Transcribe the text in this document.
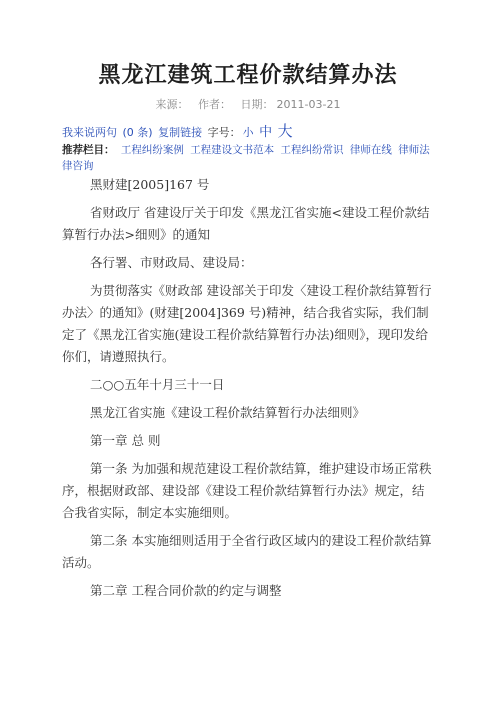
黑龙江建筑工程价款结算办法
来源： 作者： 日期： 2011-03-21
我来说两句 (0 条) 复制链接 字号： 小 中 大
推荐栏目： 工程纠纷案例 工程建设文书范本 工程纠纷常识 律师在线 律师法律咨询

黑财建[2005]167 号

省财政厅 省建设厅关于印发《黑龙江省实施<建设工程价款结算暂行办法>细则》的通知

各行署、市财政局、建设局：

为贯彻落实《财政部 建设部关于印发〈建设工程价款结算暂行办法〉的通知》(财建[2004]369 号)精神，结合我省实际，我们制定了《黑龙江省实施(建设工程价款结算暂行办法)细则》，现印发给你们，请遵照执行。

二○○五年十月三十一日

黑龙江省实施《建设工程价款结算暂行办法细则》

第一章 总 则

第一条 为加强和规范建设工程价款结算，维护建设市场正常秩序，根据财政部、建设部《建设工程价款结算暂行办法》规定，结合我省实际，制定本实施细则。

第二条 本实施细则适用于全省行政区域内的建设工程价款结算活动。

第二章 工程合同价款的约定与调整
